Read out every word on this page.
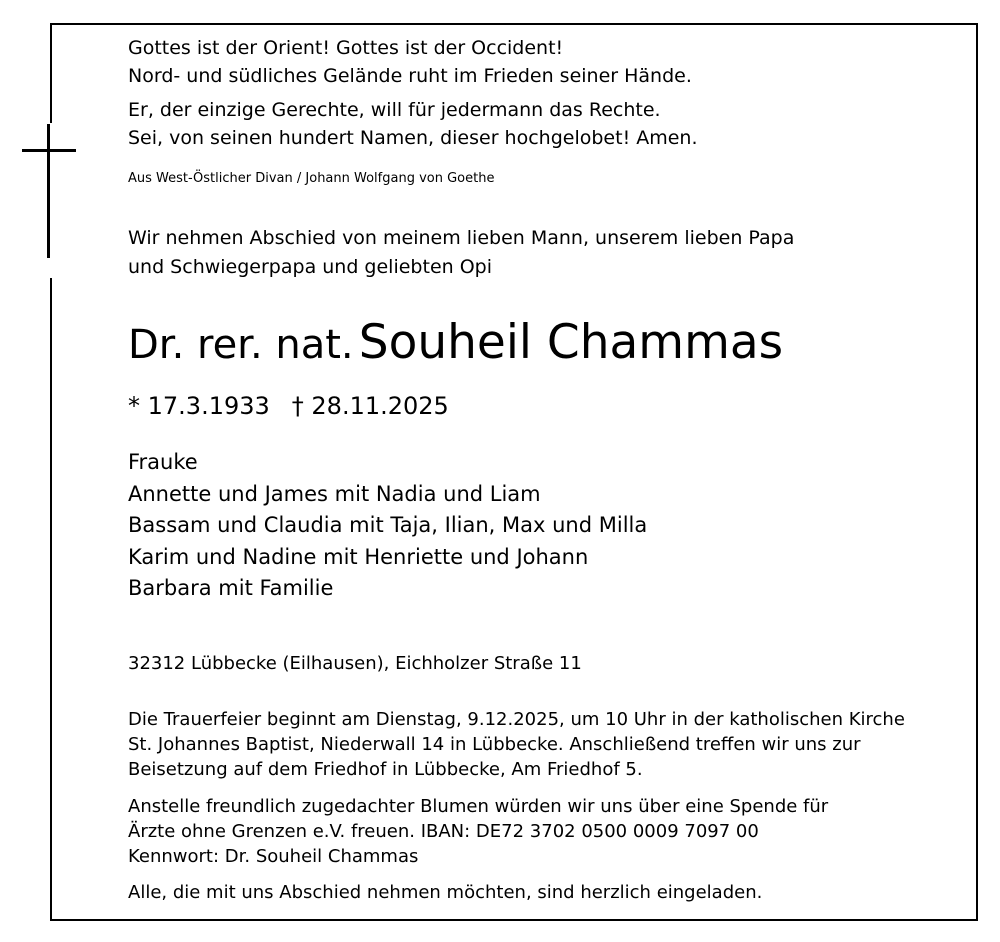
Gottes ist der Orient! Gottes ist der Occident!

Nord- und südliches Gelände ruht im Frieden seiner Hände.

Er, der einzige Gerechte, will für jedermann das Rechte.

Sei, von seinen hundert Namen, dieser hochgelobet! Amen.

Aus West-Östlicher Divan / Johann Wolfgang von Goethe

Wir nehmen Abschied von meinem lieben Mann, unserem lieben Papa

und Schwiegerpapa und geliebten Opi

Dr. rer. nat. Souheil Chammas
* 17.3.1933 † 28.11.2025

Frauke

Annette und James mit Nadia und Liam

Bassam und Claudia mit Taja, Ilian, Max und Milla

Karim und Nadine mit Henriette und Johann

Barbara mit Familie

32312 Lübbecke (Eilhausen), Eichholzer Straße 11

Die Trauerfeier beginnt am Dienstag, 9.12.2025, um 10 Uhr in der katholischen Kirche

St. Johannes Baptist, Niederwall 14 in Lübbecke. Anschließend treffen wir uns zur

Beisetzung auf dem Friedhof in Lübbecke, Am Friedhof 5.

Anstelle freundlich zugedachter Blumen würden wir uns über eine Spende für

Ärzte ohne Grenzen e.V. freuen. IBAN: DE72 3702 0500 0009 7097 00

Kennwort: Dr. Souheil Chammas

Alle, die mit uns Abschied nehmen möchten, sind herzlich eingeladen.
